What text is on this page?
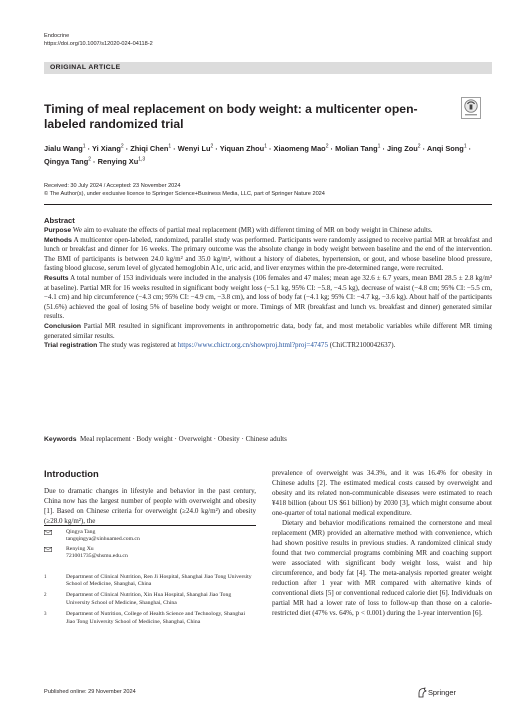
Endocrine
https://doi.org/10.1007/s12020-024-04118-2
ORIGINAL ARTICLE
Timing of meal replacement on body weight: a multicenter open-labeled randomized trial
Jialu Wang$^1$ · Yi Xiang$^2$ · Zhiqi Chen$^1$ · Wenyi $Lu^2$ · Yiquan Zhou$^1$ · Xiaomeng Mao$^2$ · Molian Tang$^1$ · Jing Zou$^2$ · Anqi Song$^1$ · Qingya Tang$^2$ · Renying Xu$^{1,3}$
Received: 30 July 2024 / Accepted: 23 November 2024
© The Author(s), under exclusive licence to Springer Science+Business Media, LLC, part of Springer Nature 2024
Abstract

Purpose We aim to evaluate the effects of partial meal replacement (MR) with different timing of MR on body weight in Chinese adults.

Methods A multicenter open-labeled, randomized, parallel study was performed. Participants were randomly assigned to receive partial MR at breakfast and lunch or breakfast and dinner for 16 weeks. The primary outcome was the absolute change in body weight between baseline and the end of the intervention. The BMI of participants is between 24.0 kg/m² and 35.0 kg/m², without a history of diabetes, hypertension, or gout, and whose baseline blood pressure, fasting blood glucose, serum level of glycated hemoglobin A1c, uric acid, and liver enzymes within the pre-determined range, were recruited.

Results A total number of 153 individuals were included in the analysis (106 females and 47 males; mean age 32.6 ± 6.7 years, mean BMI 28.5 ± 2.8 kg/m² at baseline). Partial MR for 16 weeks resulted in significant body weight loss (−5.1 kg, 95% CI: −5.8, −4.5 kg), decrease of waist (−4.8 cm; 95% CI: −5.5 cm, −4.1 cm) and hip circumference (−4.3 cm; 95% CI: −4.9 cm, −3.8 cm), and loss of body fat (−4.1 kg; 95% CI: −4.7 kg, −3.6 kg). About half of the participants (51.6%) achieved the goal of losing 5% of baseline body weight or more. Timings of MR (breakfast and lunch vs. breakfast and dinner) generated similar results.

Conclusion Partial MR resulted in significant improvements in anthropometric data, body fat, and most metabolic variables while different MR timing generated similar results.

Trial registration The study was registered at https://www.chictr.org.cn/showproj.html?proj=47475 (ChiCTR2100042637).

Keywords Meal replacement · Body weight · Overweight · Obesity · Chinese adults
Introduction

Due to dramatic changes in lifestyle and behavior in the past century, China now has the largest number of people with overweight and obesity [1]. Based on Chinese criteria for overweight (≥24.0 kg/m²) and obesity (≥28.0 kg/m²), the

Qingya Tang
tangqingya@xinhuamed.com.cn
Renying Xu
721001735@shsmu.edu.cn
1	Department of Clinical Nutrition, Ren Ji Hospital, Shanghai Jiao Tong University School of Medicine, Shanghai, China
2	Department of Clinical Nutrition, Xin Hua Hospital, Shanghai Jiao Tong University School of Medicine, Shanghai, China
3	Department of Nutrition, College of Health Science and Technology, Shanghai Jiao Tong University School of Medicine, Shanghai, China

prevalence of overweight was 34.3%, and it was 16.4% for obesity in Chinese adults [2]. The estimated medical costs caused by overweight and obesity and its related non-communicable diseases were estimated to reach ¥418 billion (about US $61 billion) by 2030 [3], which might consume about one-quarter of total national medical expenditure.

Dietary and behavior modifications remained the cornerstone and meal replacement (MR) provided an alternative method with convenience, which had shown positive results in previous studies. A randomized clinical study found that two commercial programs combining MR and coaching support were associated with significant body weight loss, waist and hip circumference, and body fat [4]. The meta-analysis reported greater weight reduction after 1 year with MR compared with alternative kinds of conventional diets [5] or conventional reduced calorie diet [6]. Individuals on partial MR had a lower rate of loss to follow-up than those on a calorie-restricted diet (47% vs. 64%, p < 0.001) during the 1-year intervention [6].

Published online: 29 November 2024	Springer
